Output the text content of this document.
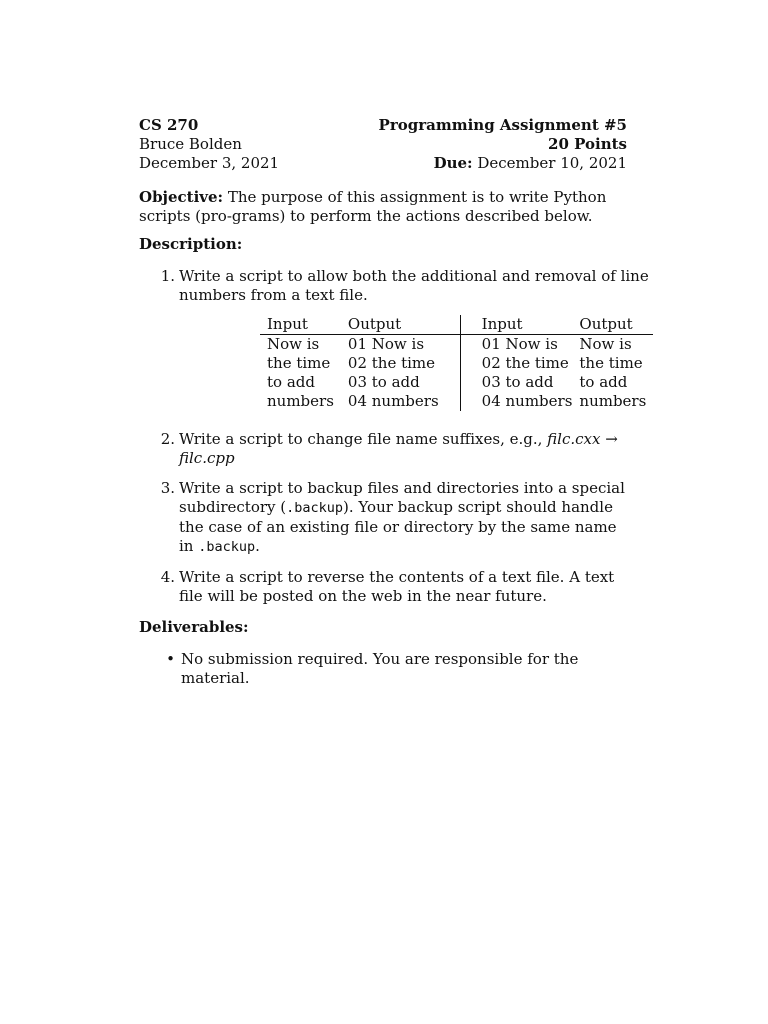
CS 270	Programming Assignment #5
Bruce Bolden	20 Points
December 3, 2021	Due: December 10, 2021
Objective: The purpose of this assignment is to write Python scripts (pro-grams) to perform the actions described below.
Description:
1. Write a script to allow both the additional and removal of line numbers from a text file.
Input	Output	Input	Output
Now is	01 Now is	01 Now is	Now is
the time	02 the time	02 the time	the time
to add	03 to add	03 to add	to add
numbers	04 numbers	04 numbers	numbers
2. Write a script to change file name suffixes, e.g., filc.cxx → filc.cpp
3. Write a script to backup files and directories into a special subdirectory (.backup). Your backup script should handle the case of an existing file or directory by the same name in .backup.
4. Write a script to reverse the contents of a text file. A text file will be posted on the web in the near future.
Deliverables:
• No submission required. You are responsible for the material.
